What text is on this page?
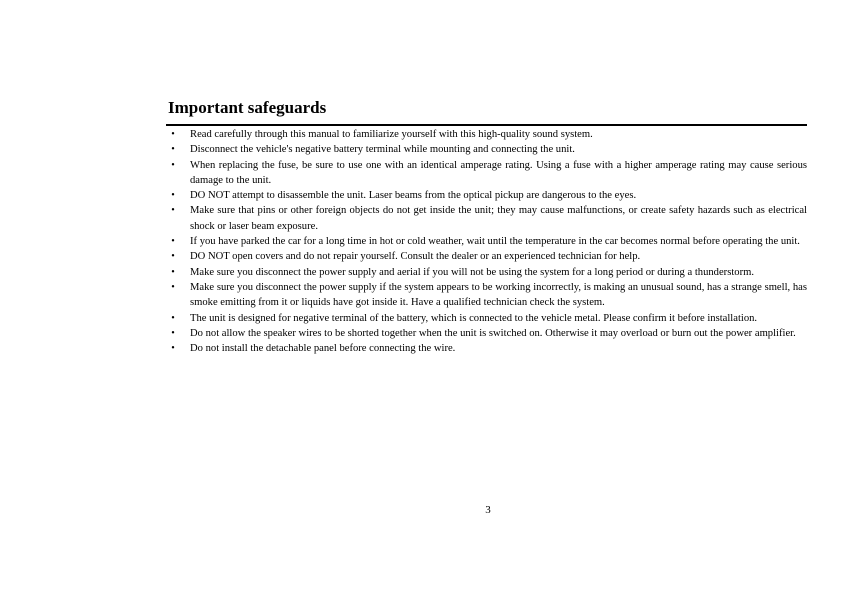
Important safeguards
•	Read carefully through this manual to familiarize yourself with this high-quality sound system.
•	Disconnect the vehicle's negative battery terminal while mounting and connecting the unit.
•	When replacing the fuse, be sure to use one with an identical amperage rating. Using a fuse with a higher amperage rating may cause serious damage to the unit.
•	DO NOT attempt to disassemble the unit. Laser beams from the optical pickup are dangerous to the eyes.
•	Make sure that pins or other foreign objects do not get inside the unit; they may cause malfunctions, or create safety hazards such as electrical shock or laser beam exposure.
•	If you have parked the car for a long time in hot or cold weather, wait until the temperature in the car becomes normal before operating the unit.
•	DO NOT open covers and do not repair yourself. Consult the dealer or an experienced technician for help.
•	Make sure you disconnect the power supply and aerial if you will not be using the system for a long period or during a thunderstorm.
•	Make sure you disconnect the power supply if the system appears to be working incorrectly, is making an unusual sound, has a strange smell, has smoke emitting from it or liquids have got inside it. Have a qualified technician check the system.
•	The unit is designed for negative terminal of the battery, which is connected to the vehicle metal. Please confirm it before installation.
•	Do not allow the speaker wires to be shorted together when the unit is switched on. Otherwise it may overload or burn out the power amplifier.
•	Do not install the detachable panel before connecting the wire.
3
